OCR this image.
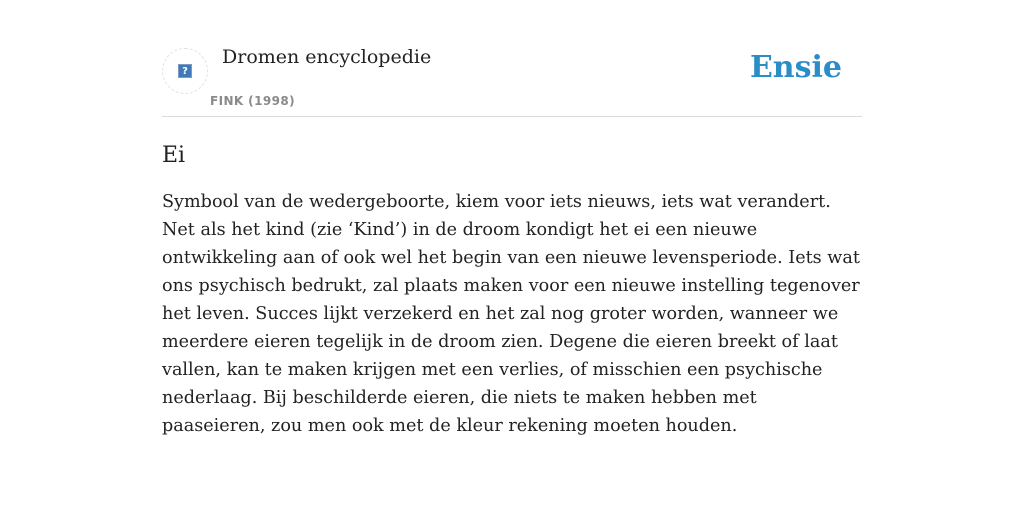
?
Dromen encyclopedie
FINK (1998)
Ensie
Ei

Symbool van de wedergeboorte, kiem voor iets nieuws, iets wat verandert. Net als het kind (zie ‘Kind’) in de droom kondigt het ei een nieuwe ontwikkeling aan of ook wel het begin van een nieuwe levensperiode. Iets wat ons psychisch bedrukt, zal plaats maken voor een nieuwe instelling tegenover het leven. Succes lijkt verzekerd en het zal nog groter worden, wanneer we meerdere eieren tegelijk in de droom zien. Degene die eieren breekt of laat vallen, kan te maken krijgen met een verlies, of misschien een psychische nederlaag. Bij beschilderde eieren, die niets te maken hebben met paaseieren, zou men ook met de kleur rekening moeten houden.
